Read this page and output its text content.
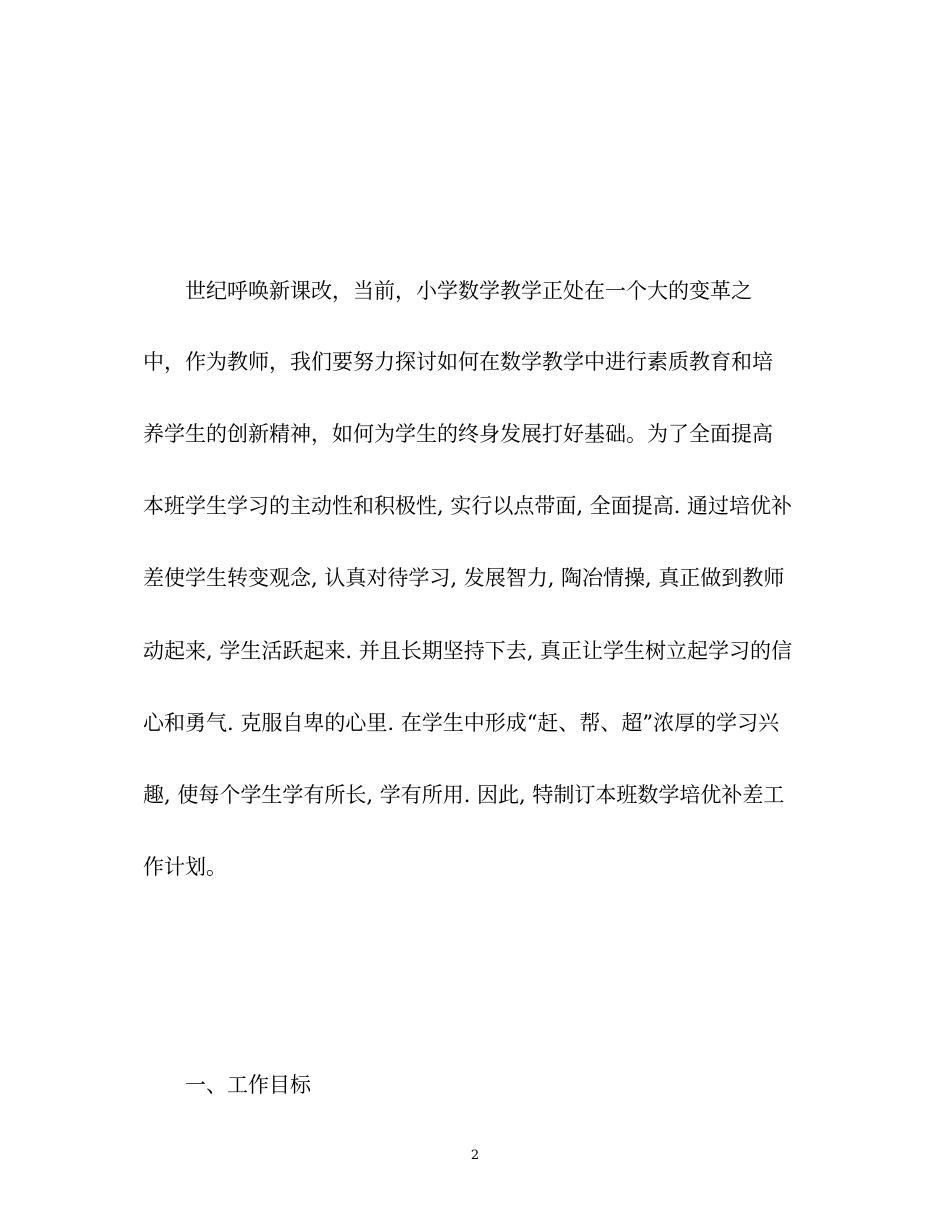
世纪呼唤新课改，当前，小学数学教学正处在一个大的变革之
中，作为教师，我们要努力探讨如何在数学教学中进行素质教育和培
养学生的创新精神，如何为学生的终身发展打好基础。为了全面提高
本班学生学习的主动性和积极性, 实行以点带面, 全面提高. 通过培优补
差使学生转变观念, 认真对待学习, 发展智力, 陶冶情操, 真正做到教师
动起来, 学生活跃起来. 并且长期坚持下去, 真正让学生树立起学习的信
心和勇气. 克服自卑的心里. 在学生中形成“赶、帮、超”浓厚的学习兴
趣, 使每个学生学有所长, 学有所用. 因此, 特制订本班数学培优补差工
作计划。
一、工作目标
2
